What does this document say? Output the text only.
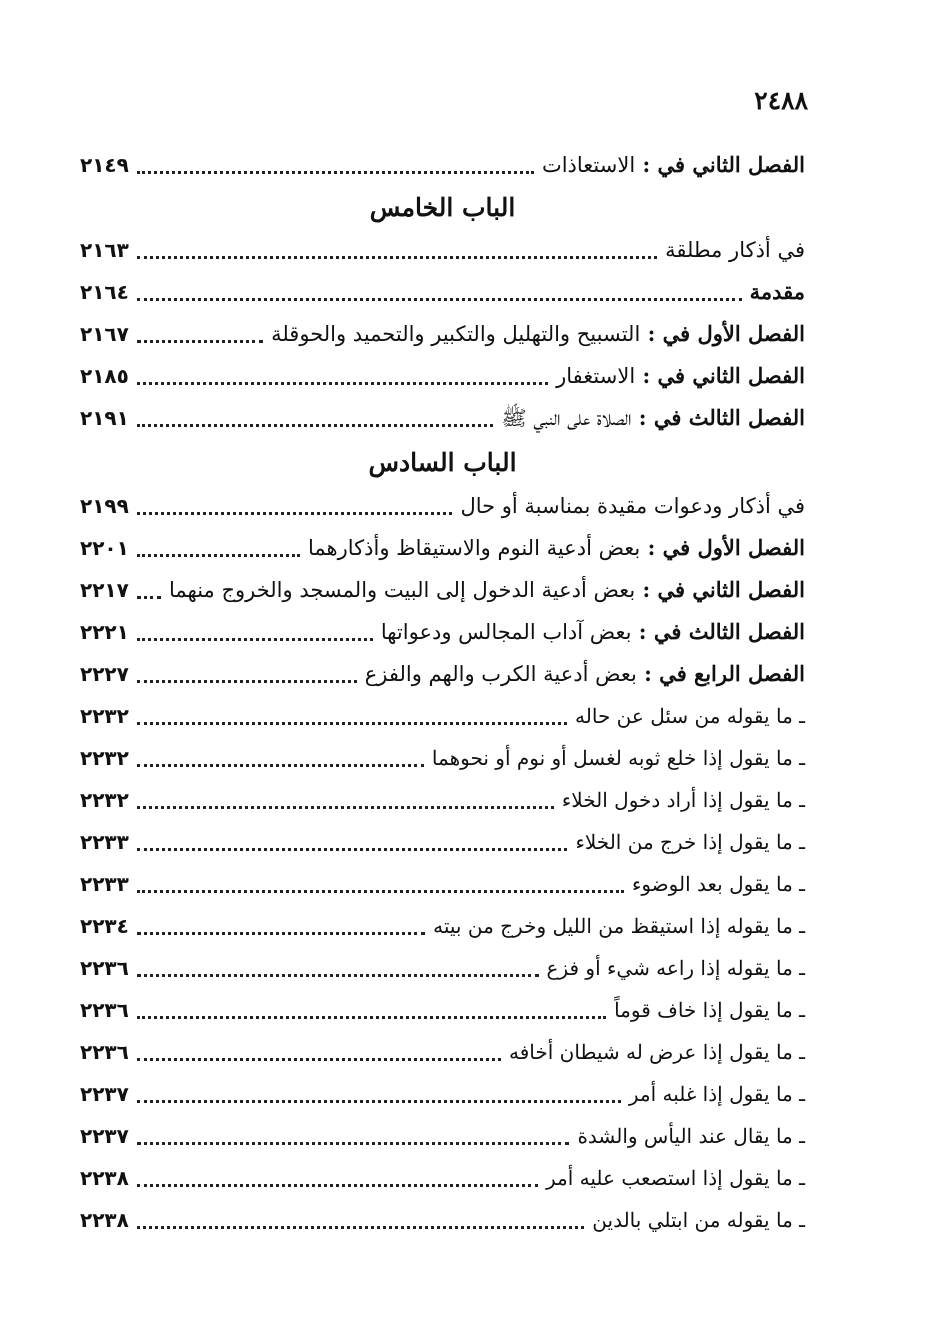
٢٤٨٨
الفصل الثاني في : الاستعاذات
٢١٤٩
الباب الخامس
في أذكار مطلقة
٢١٦٣
مقدمة
٢١٦٤
الفصل الأول في : التسبيح والتهليل والتكبير والتحميد والحوقلة
٢١٦٧
الفصل الثاني في : الاستغفار
٢١٨٥
الفصل الثالث في : الصلاة على النبي ﷺ
٢١٩١
الباب السادس
في أذكار ودعوات مقيدة بمناسبة أو حال
٢١٩٩
الفصل الأول في : بعض أدعية النوم والاستيقاظ وأذكارهما
٢٢٠١
الفصل الثاني في : بعض أدعية الدخول إلى البيت والمسجد والخروج منهما
٢٢١٧
الفصل الثالث في : بعض آداب المجالس ودعواتها
٢٢٢١
الفصل الرابع في : بعض أدعية الكرب والهم والفزع
٢٢٢٧
ـ ما يقوله من سئل عن حاله
٢٢٣٢
ـ ما يقول إذا خلع ثوبه لغسل أو نوم أو نحوهما
٢٢٣٢
ـ ما يقول إذا أراد دخول الخلاء
٢٢٣٢
ـ ما يقول إذا خرج من الخلاء
٢٢٣٣
ـ ما يقول بعد الوضوء
٢٢٣٣
ـ ما يقوله إذا استيقظ من الليل وخرج من بيته
٢٢٣٤
ـ ما يقوله إذا راعه شيء أو فزع
٢٢٣٦
ـ ما يقول إذا خاف قوماً
٢٢٣٦
ـ ما يقول إذا عرض له شيطان أخافه
٢٢٣٦
ـ ما يقول إذا غلبه أمر
٢٢٣٧
ـ ما يقال عند اليأس والشدة
٢٢٣٧
ـ ما يقول إذا استصعب عليه أمر
٢٢٣٨
ـ ما يقوله من ابتلي بالدين
٢٢٣٨
